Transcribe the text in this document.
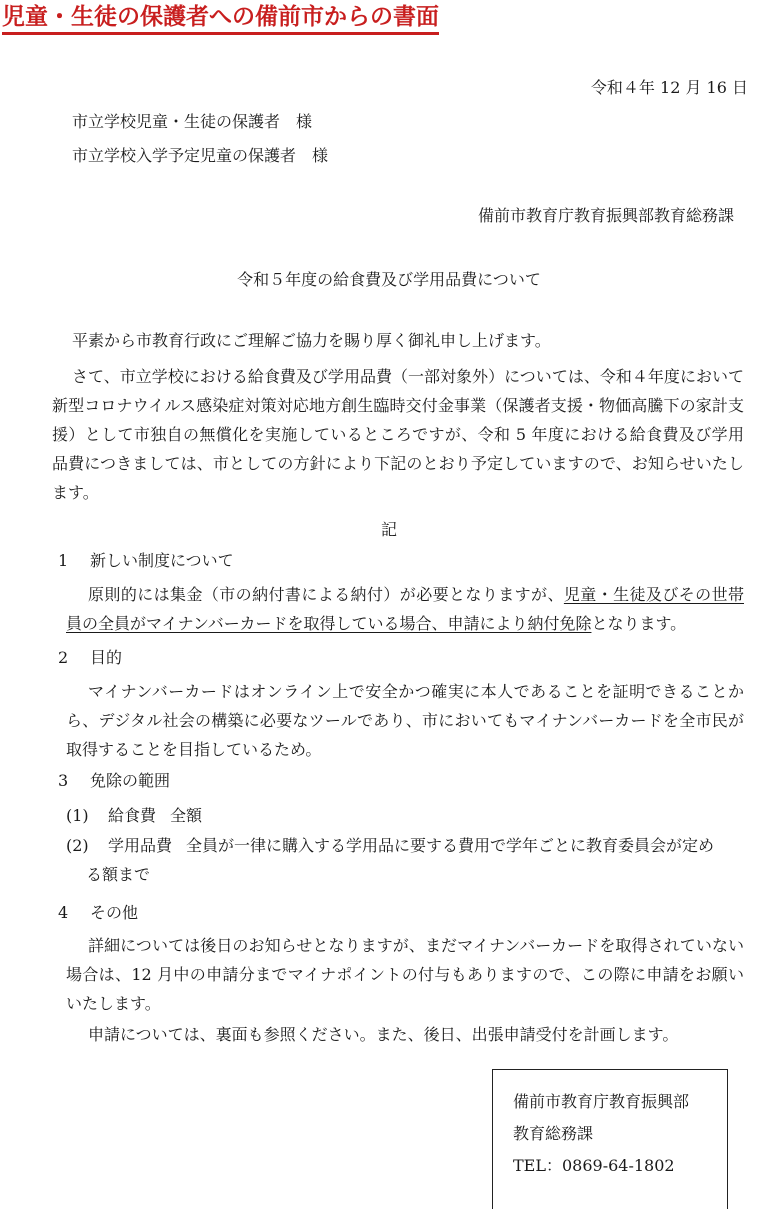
児童・生徒の保護者への備前市からの書面
令和４年 12 月 16 日
市立学校児童・生徒の保護者　様
市立学校入学予定児童の保護者　様
備前市教育庁教育振興部教育総務課
令和５年度の給食費及び学用品費について
平素から市教育行政にご理解ご協力を賜り厚く御礼申し上げます。
さて、市立学校における給食費及び学用品費（一部対象外）については、令和４年度において新型コロナウイルス感染症対策対応地方創生臨時交付金事業（保護者支援・物価高騰下の家計支援）として市独自の無償化を実施しているところですが、令和 5 年度における給食費及び学用品費につきましては、市としての方針により下記のとおり予定していますので、お知らせいたします。
記
1 新しい制度について
原則的には集金（市の納付書による納付）が必要となりますが、児童・生徒及びその世帯員の全員がマイナンバーカードを取得している場合、申請により納付免除となります。
2 目的
マイナンバーカードはオンライン上で安全かつ確実に本人であることを証明できることから、デジタル社会の構築に必要なツールであり、市においてもマイナンバーカードを全市民が取得することを目指しているため。
3 免除の範囲
(1) 給食費 全額
(2) 学用品費 全員が一律に購入する学用品に要する費用で学年ごとに教育委員会が定め
る額まで
4 その他
詳細については後日のお知らせとなりますが、まだマイナンバーカードを取得されていない場合は、12 月中の申請分までマイナポイントの付与もありますので、この際に申請をお願いいたします。
申請については、裏面も参照ください。また、後日、出張申請受付を計画します。
備前市教育庁教育振興部
教育総務課
TEL：0869-64-1802
